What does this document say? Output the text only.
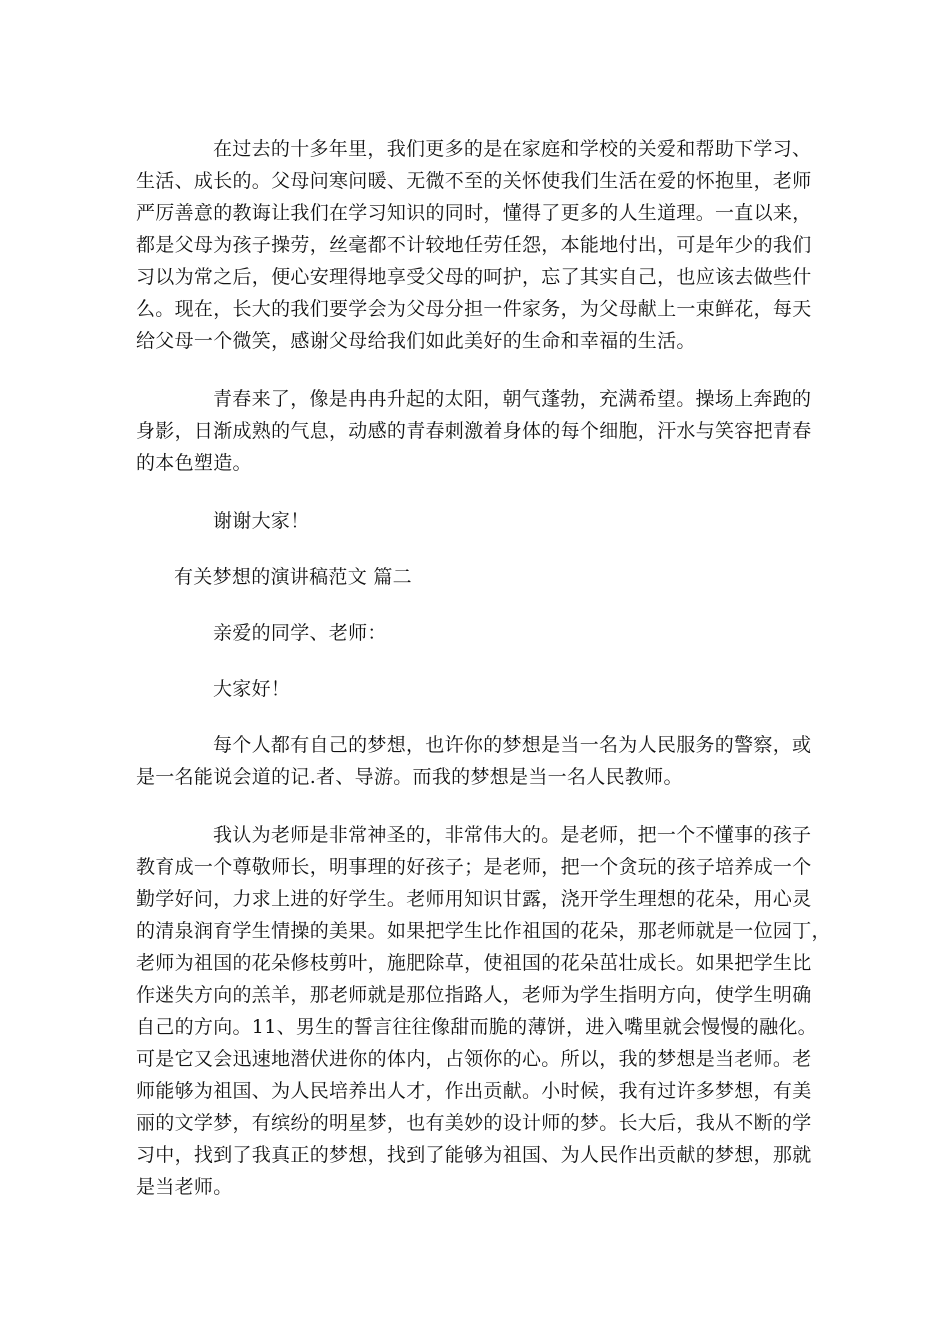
在过去的十多年里，我们更多的是在家庭和学校的关爱和帮助下学习、
生活、成长的。父母问寒问暖、无微不至的关怀使我们生活在爱的怀抱里，老师
严厉善意的教诲让我们在学习知识的同时，懂得了更多的人生道理。一直以来，
都是父母为孩子操劳，丝毫都不计较地任劳任怨，本能地付出，可是年少的我们
习以为常之后，便心安理得地享受父母的呵护，忘了其实自己，也应该去做些什
么。现在，长大的我们要学会为父母分担一件家务，为父母献上一束鲜花，每天
给父母一个微笑，感谢父母给我们如此美好的生命和幸福的生活。
青春来了，像是冉冉升起的太阳，朝气蓬勃，充满希望。操场上奔跑的
身影，日渐成熟的气息，动感的青春刺激着身体的每个细胞，汗水与笑容把青春
的本色塑造。
谢谢大家！
有关梦想的演讲稿范文 篇二
亲爱的同学、老师：
大家好！
每个人都有自己的梦想，也许你的梦想是当一名为人民服务的警察，或
是一名能说会道的记.者、导游。而我的梦想是当一名人民教师。
我认为老师是非常神圣的，非常伟大的。是老师，把一个不懂事的孩子
教育成一个尊敬师长，明事理的好孩子；是老师，把一个贪玩的孩子培养成一个
勤学好问，力求上进的好学生。老师用知识甘露，浇开学生理想的花朵，用心灵
的清泉润育学生情操的美果。如果把学生比作祖国的花朵，那老师就是一位园丁，
老师为祖国的花朵修枝剪叶，施肥除草，使祖国的花朵茁壮成长。如果把学生比
作迷失方向的羔羊，那老师就是那位指路人，老师为学生指明方向，使学生明确
自己的方向。11、男生的誓言往往像甜而脆的薄饼，进入嘴里就会慢慢的融化。
可是它又会迅速地潜伏进你的体内，占领你的心。所以，我的梦想是当老师。老
师能够为祖国、为人民培养出人才，作出贡献。小时候，我有过许多梦想，有美
丽的文学梦，有缤纷的明星梦，也有美妙的设计师的梦。长大后，我从不断的学
习中，找到了我真正的梦想，找到了能够为祖国、为人民作出贡献的梦想，那就
是当老师。
